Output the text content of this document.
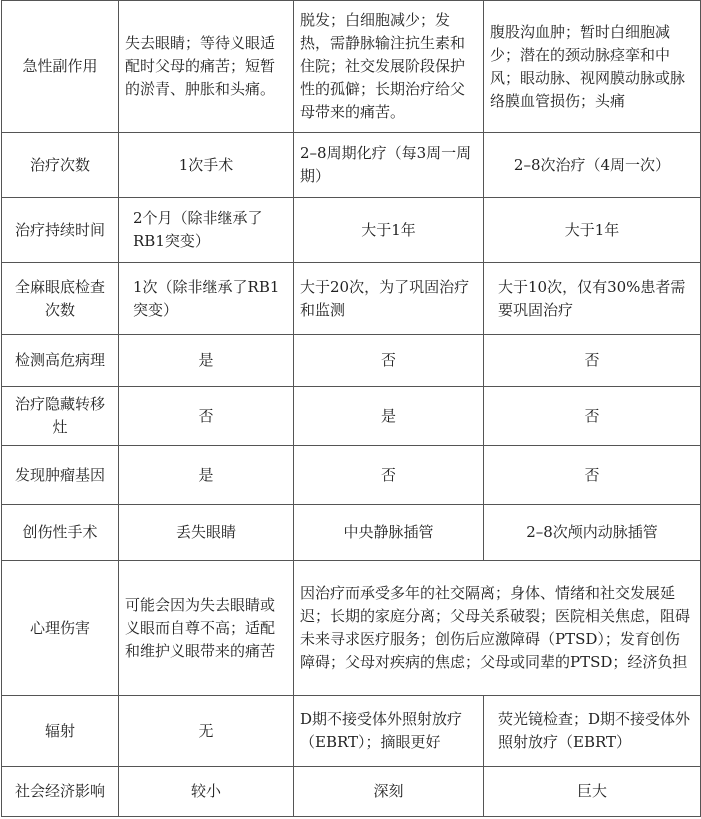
急性副作用	失去眼睛；等待义眼适配时父母的痛苦；短暂的淤青、肿胀和头痛。	脱发；白细胞减少；发热，需静脉输注抗生素和住院；社交发展阶段保护性的孤僻；长期治疗给父母带来的痛苦。	腹股沟血肿；暂时白细胞减少；潜在的颈动脉痉挛和中风；眼动脉、视网膜动脉或脉络膜血管损伤；头痛
治疗次数	1次手术	2–8周期化疗（每3周一周期）	2–8次治疗（4周一次）
治疗持续时间	2个月（除非继承了RB1突变）	大于1年	大于1年
全麻眼底检查次数	1次（除非继承了RB1突变）	大于20次，为了巩固治疗和监测	大于10次，仅有30%患者需要巩固治疗
检测高危病理	是	否	否
治疗隐藏转移灶	否	是	否
发现肿瘤基因	是	否	否
创伤性手术	丢失眼睛	中央静脉插管	2–8次颅内动脉插管
心理伤害	可能会因为失去眼睛或义眼而自尊不高；适配和维护义眼带来的痛苦	因治疗而承受多年的社交隔离；身体、情绪和社交发展延迟；长期的家庭分离；父母关系破裂；医院相关焦虑，阻碍未来寻求医疗服务；创伤后应激障碍（PTSD）；发育创伤障碍；父母对疾病的焦虑；父母或同辈的PTSD；经济负担	
辐射	无	D期不接受体外照射放疗（EBRT）；摘眼更好	荧光镜检查；D期不接受体外照射放疗（EBRT）
社会经济影响	较小	深刻	巨大
